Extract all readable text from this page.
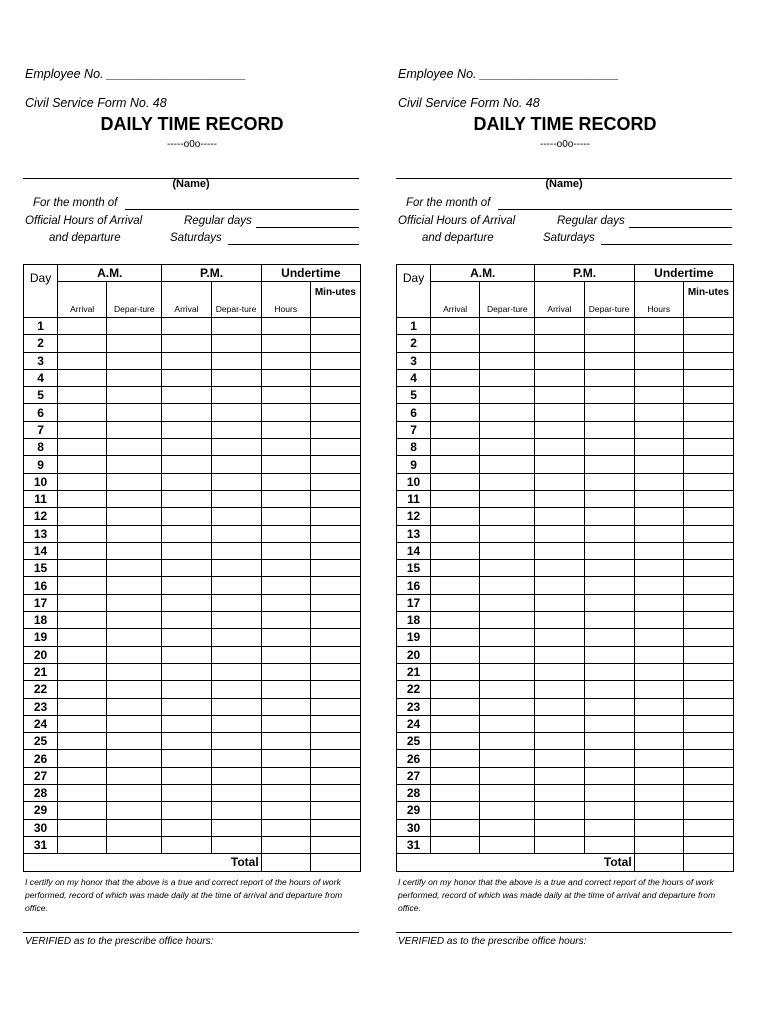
Employee No. ____________________
Civil Service Form No. 48
DAILY TIME RECORD
-----o0o-----
(Name)
For the month of
Official Hours of Arrival	Regular days
and departure	Saturdays
Day	A.M.		P.M.		Undertime	
	Arrival	Depar-ture	Arrival	Depar-ture	Hours	Min-utes
1						
2						
3						
4						
5						
6						
7						
8						
9						
10						
11						
12						
13						
14						
15						
16						
17						
18						
19						
20						
21						
22						
23						
24						
25						
26						
27						
28						
29						
30						
31						
Total						
I certify on my honor that the above is a true and correct report of the hours of work performed, record of which was made daily at the time of arrival and departure from office.
VERIFIED as to the prescribe office hours:
Employee No. ____________________
Civil Service Form No. 48
DAILY TIME RECORD
-----o0o-----
(Name)
For the month of
Official Hours of Arrival	Regular days
and departure	Saturdays
Day	A.M.		P.M.		Undertime	
	Arrival	Depar-ture	Arrival	Depar-ture	Hours	Min-utes
1						
2						
3						
4						
5						
6						
7						
8						
9						
10						
11						
12						
13						
14						
15						
16						
17						
18						
19						
20						
21						
22						
23						
24						
25						
26						
27						
28						
29						
30						
31						
Total						
I certify on my honor that the above is a true and correct report of the hours of work performed, record of which was made daily at the time of arrival and departure from office.
VERIFIED as to the prescribe office hours:
